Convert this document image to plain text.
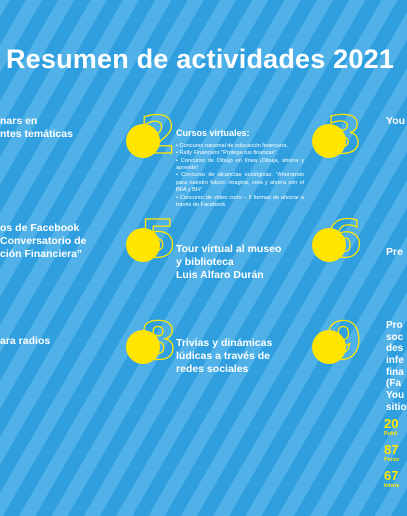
Resumen de actividades 2021
nars en
ntes temáticas 2 Cursos virtuales:
• Concurso nacional de educación financiera.
• Rally Financiero "Protege tus finanzas".
• Concurso de Dibujo en línea ¡Dibuja, ahorra y aprende!
• Concurso de alcancías ecológicas: "Ahorrando para nuestro futuro: imagina, crea y ahorra con el BFA y BH"
• Concurso de video corto – 5 formas de ahorrar a través de Facebook.
3 You
os de Facebook
Conversatorio de
ción Financiera" 5 Tour virtual al museo
y biblioteca
Luis Alfaro Durán
6 Pre
ara radios 8 Trivias y dinámicas
lúdicas a través de
redes sociales	9 Pro
soc
des
infe
fina
(Fa
You
sitio
20
Publi
87
Perso
67
Intera
